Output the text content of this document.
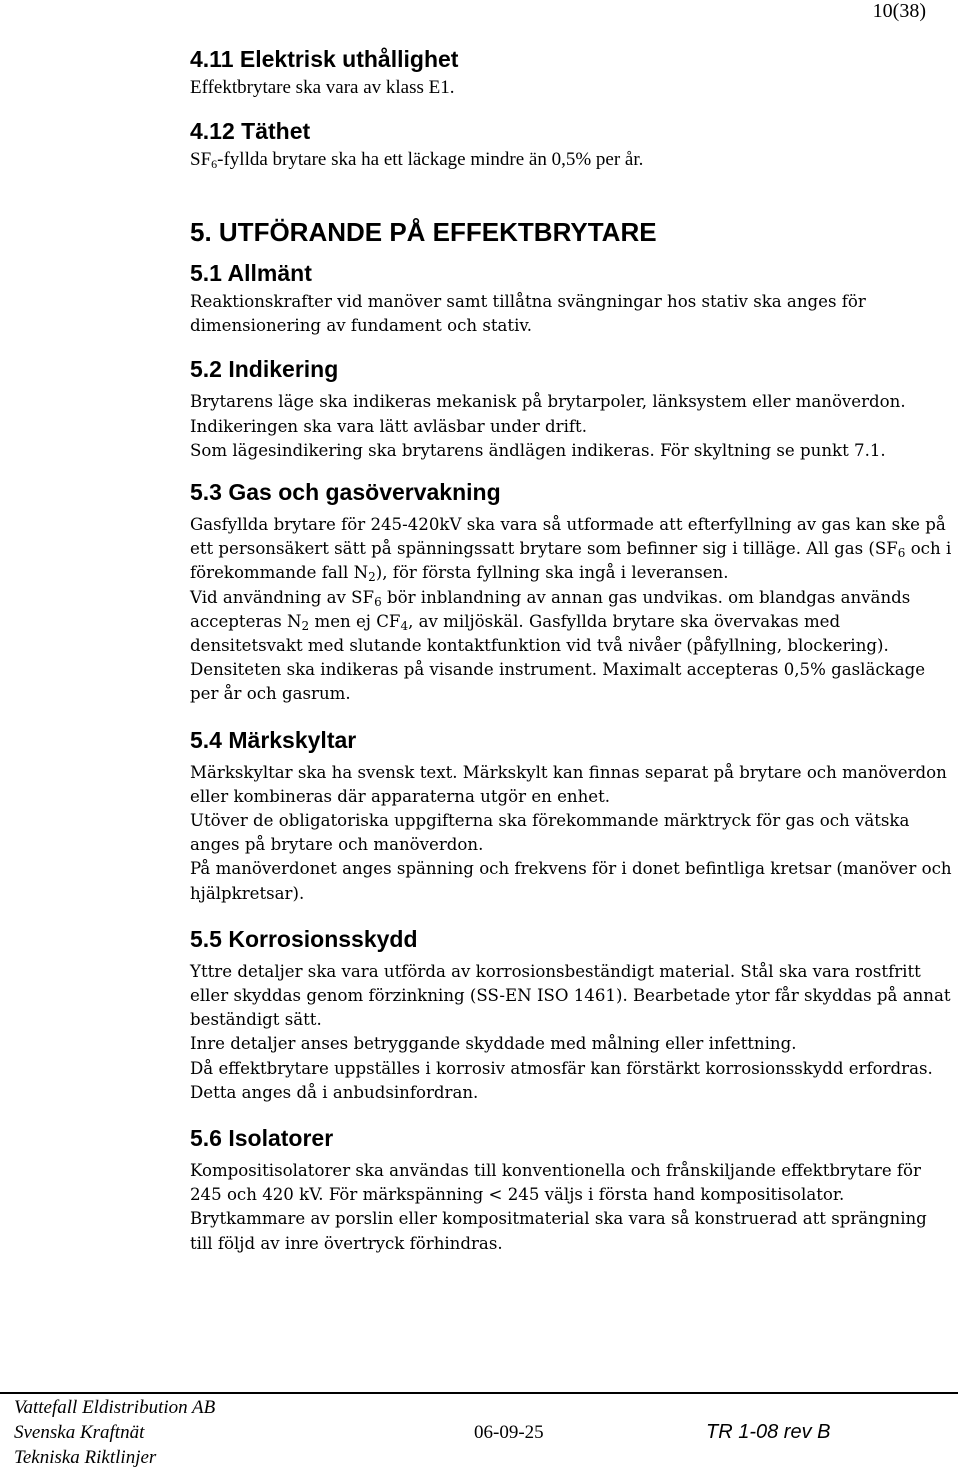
10(38)
4.11 Elektrisk uthållighet

Effektbrytare ska vara av klass E1.

4.12 Täthet

$SF_6$-fyllda brytare ska ha ett läckage mindre än 0,5% per år.

5. UTFÖRANDE PÅ EFFEKTBRYTARE
5.1 Allmänt

Reaktionskrafter vid manöver samt tillåtna svängningar hos stativ ska anges för dimensionering av fundament och stativ.

5.2 Indikering

Brytarens läge ska indikeras mekanisk på brytarpoler, länksystem eller manöverdon. Indikeringen ska vara lätt avläsbar under drift.

Som lägesindikering ska brytarens ändlägen indikeras. För skyltning se punkt 7.1.

5.3 Gas och gasövervakning

Gasfyllda brytare för 245-420kV ska vara så utformade att efterfyllning av gas kan ske på ett personsäkert sätt på spänningssatt brytare som befinner sig i tilläge. All gas ($SF_6$ och i förekommande fall $N_2$), för första fyllning ska ingå i leveransen.

Vid användning av $SF_6$ bör inblandning av annan gas undvikas. om blandgas används accepteras $N_2$ men ej $CF_4$, av miljöskäl. Gasfyllda brytare ska övervakas med densitetsvakt med slutande kontaktfunktion vid två nivåer (påfyllning, blockering). Densiteten ska indikeras på visande instrument. Maximalt accepteras 0,5% gasläckage per år och gasrum.

5.4 Märkskyltar

Märkskyltar ska ha svensk text. Märkskylt kan finnas separat på brytare och manöverdon eller kombineras där apparaterna utgör en enhet.

Utöver de obligatoriska uppgifterna ska förekommande märktryck för gas och vätska anges på brytare och manöverdon.

På manöverdonet anges spänning och frekvens för i donet befintliga kretsar (manöver och hjälpkretsar).

5.5 Korrosionsskydd

Yttre detaljer ska vara utförda av korrosionsbeständigt material. Stål ska vara rostfritt eller skyddas genom förzinkning (SS-EN ISO 1461). Bearbetade ytor får skyddas på annat beständigt sätt.

Inre detaljer anses betryggande skyddade med målning eller infettning.

Då effektbrytare uppställes i korrosiv atmosfär kan förstärkt korrosionsskydd erfordras. Detta anges då i anbudsinfordran.

5.6 Isolatorer

Kompositisolatorer ska användas till konventionella och frånskiljande effektbrytare för 245 och 420 kV. För märkspänning < 245 väljs i första hand kompositisolator. Brytkammare av porslin eller kompositmaterial ska vara så konstruerad att sprängning till följd av inre övertryck förhindras.

Vattefall Eldistribution AB
Svenska Kraftnät	06-09-25	TR 1-08 rev B
Tekniska Riktlinjer
